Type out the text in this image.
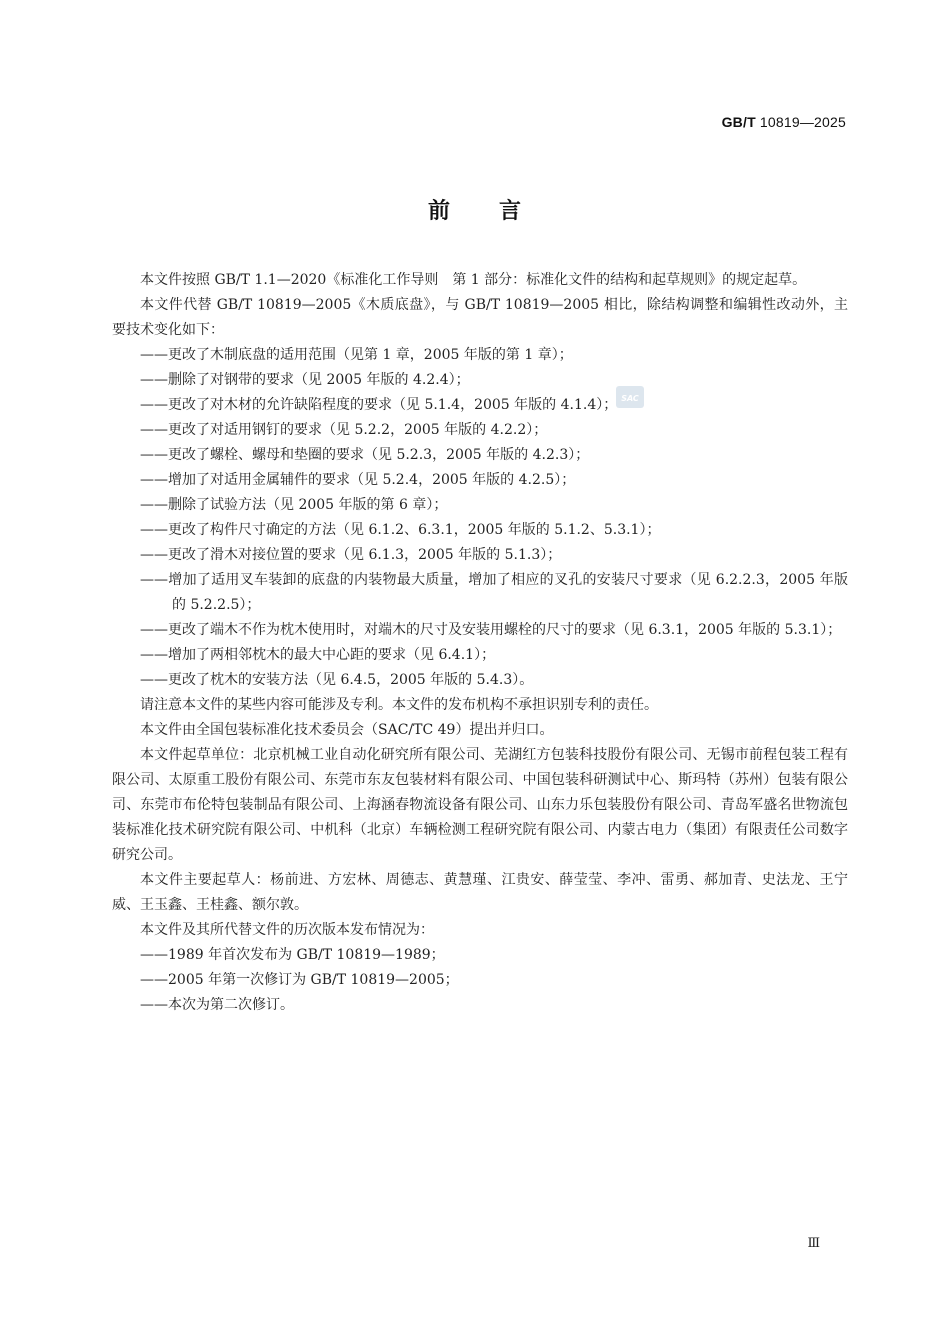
GB/T 10819—2025
前 言
SAC

本文件按照 GB/T 1.1—2020《标准化工作导则　第 1 部分：标准化文件的结构和起草规则》的规定起草。

本文件代替 GB/T 10819—2005《木质底盘》，与 GB/T 10819—2005 相比，除结构调整和编辑性改动外，主要技术变化如下：

——更改了木制底盘的适用范围（见第 1 章，2005 年版的第 1 章）；

——删除了对钢带的要求（见 2005 年版的 4.2.4）；

——更改了对木材的允许缺陷程度的要求（见 5.1.4，2005 年版的 4.1.4）；

——更改了对适用钢钉的要求（见 5.2.2，2005 年版的 4.2.2）；

——更改了螺栓、螺母和垫圈的要求（见 5.2.3，2005 年版的 4.2.3）；

——增加了对适用金属辅件的要求（见 5.2.4，2005 年版的 4.2.5）；

——删除了试验方法（见 2005 年版的第 6 章）；

——更改了构件尺寸确定的方法（见 6.1.2、6.3.1，2005 年版的 5.1.2、5.3.1）；

——更改了滑木对接位置的要求（见 6.1.3，2005 年版的 5.1.3）；

——增加了适用叉车装卸的底盘的内装物最大质量，增加了相应的叉孔的安装尺寸要求（见 6.2.2.3，2005 年版的 5.2.2.5）；

——更改了端木不作为枕木使用时，对端木的尺寸及安装用螺栓的尺寸的要求（见 6.3.1，2005 年版的 5.3.1）；

——增加了两相邻枕木的最大中心距的要求（见 6.4.1）；

——更改了枕木的安装方法（见 6.4.5，2005 年版的 5.4.3）。

请注意本文件的某些内容可能涉及专利。本文件的发布机构不承担识别专利的责任。

本文件由全国包装标准化技术委员会（SAC/TC 49）提出并归口。

本文件起草单位：北京机械工业自动化研究所有限公司、芜湖红方包装科技股份有限公司、无锡市前程包装工程有限公司、太原重工股份有限公司、东莞市东友包装材料有限公司、中国包装科研测试中心、斯玛特（苏州）包装有限公司、东莞市布伦特包装制品有限公司、上海涵春物流设备有限公司、山东力乐包装股份有限公司、青岛军盛名世物流包装标准化技术研究院有限公司、中机科（北京）车辆检测工程研究院有限公司、内蒙古电力（集团）有限责任公司数字研究公司。

本文件主要起草人：杨前进、方宏林、周德志、黄慧瑾、江贵安、薛莹莹、李冲、雷勇、郝加青、史法龙、王宁威、王玉鑫、王桂鑫、额尔敦。

本文件及其所代替文件的历次版本发布情况为：

——1989 年首次发布为 GB/T 10819—1989；

——2005 年第一次修订为 GB/T 10819—2005；

——本次为第二次修订。

Ⅲ
